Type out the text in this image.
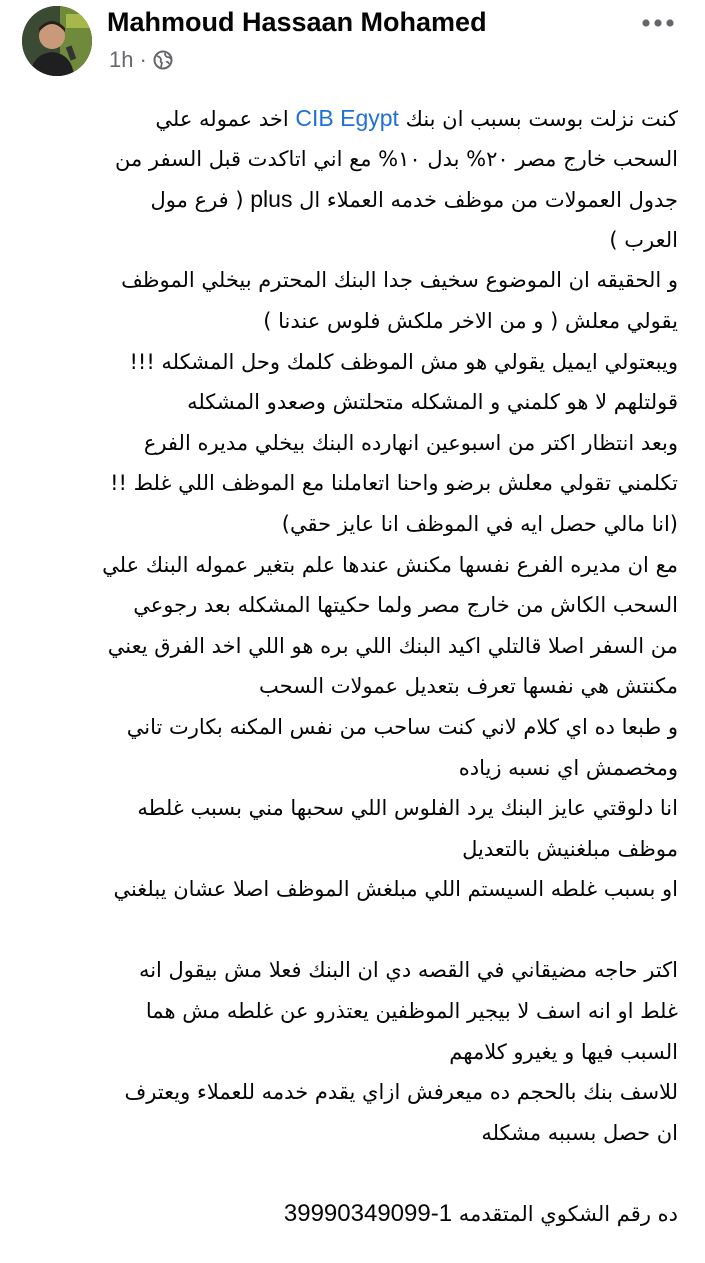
Mahmoud Hassaan Mohamed
1h ·
كنت نزلت بوست بسبب ان بنك CIB Egypt اخد عموله علي
السحب خارج مصر ٢٠% بدل ١٠% مع اني اتاكدت قبل السفر من
جدول العمولات من موظف خدمه العملاء ال plus ( فرع مول
العرب )
و الحقيقه ان الموضوع سخيف جدا البنك المحترم بيخلي الموظف
يقولي معلش ( و من الاخر ملكش فلوس عندنا )
ويبعتولي ايميل يقولي هو مش الموظف كلمك وحل المشكله !!!
قولتلهم لا هو كلمني و المشكله متحلتش وصعدو المشكله
وبعد انتظار اكتر من اسبوعين انهارده البنك بيخلي مديره الفرع
تكلمني تقولي معلش برضو واحنا اتعاملنا مع الموظف اللي غلط !!
(انا مالي حصل ايه في الموظف انا عايز حقي)
مع ان مديره الفرع نفسها مكنش عندها علم بتغير عموله البنك علي
السحب الكاش من خارج مصر ولما حكيتها المشكله بعد رجوعي
من السفر اصلا قالتلي اكيد البنك اللي بره هو اللي اخد الفرق يعني
مكنتش هي نفسها تعرف بتعديل عمولات السحب
و طبعا ده اي كلام لاني كنت ساحب من نفس المكنه بكارت تاني
ومخصمش اي نسبه زياده
انا دلوقتي عايز البنك يرد الفلوس اللي سحبها مني بسبب غلطه
موظف مبلغنيش بالتعديل
او بسبب غلطه السيستم اللي مبلغش الموظف اصلا عشان يبلغني
اكتر حاجه مضيقاني في القصه دي ان البنك فعلا مش بيقول انه
غلط او انه اسف لا بيجير الموظفين يعتذرو عن غلطه مش هما
السبب فيها و يغيرو كلامهم
للاسف بنك بالحجم ده ميعرفش ازاي يقدم خدمه للعملاء ويعترف
ان حصل بسببه مشكله
ده رقم الشكوي المتقدمه 39990349099-1
